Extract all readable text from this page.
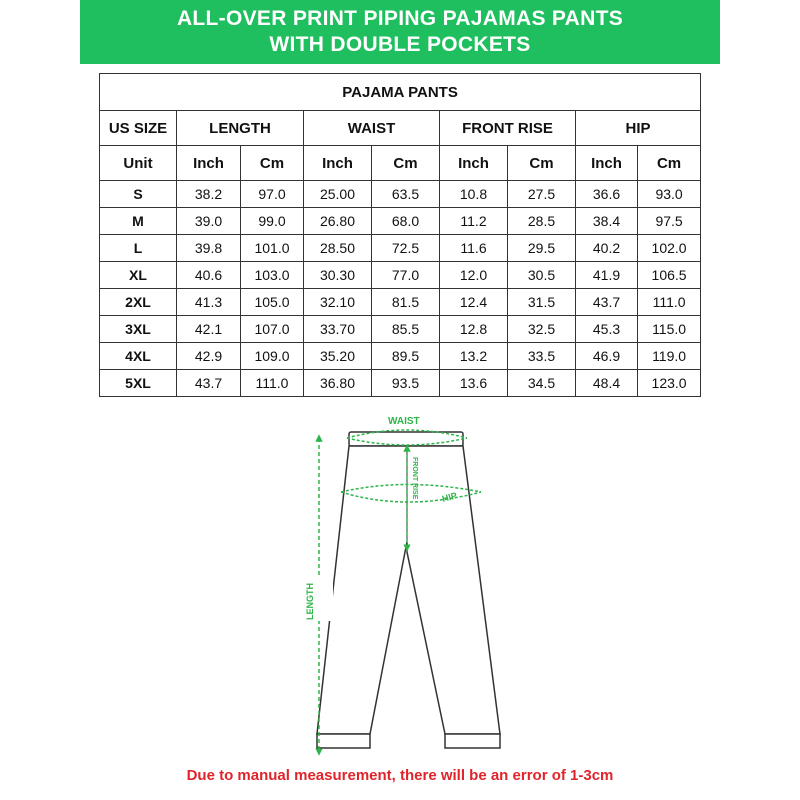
ALL-OVER PRINT PIPING PAJAMAS PANTS
WITH DOUBLE POCKETS
PAJAMA PANTS								
US SIZE	LENGTH		WAIST		FRONT RISE		HIP	
Unit	Inch	Cm	Inch	Cm	Inch	Cm	Inch	Cm
S	38.2	97.0	25.00	63.5	10.8	27.5	36.6	93.0
M	39.0	99.0	26.80	68.0	11.2	28.5	38.4	97.5
L	39.8	101.0	28.50	72.5	11.6	29.5	40.2	102.0
XL	40.6	103.0	30.30	77.0	12.0	30.5	41.9	106.5
2XL	41.3	105.0	32.10	81.5	12.4	31.5	43.7	111.0
3XL	42.1	107.0	33.70	85.5	12.8	32.5	45.3	115.0
4XL	42.9	109.0	35.20	89.5	13.2	33.5	46.9	119.0
5XL	43.7	111.0	36.80	93.5	13.6	34.5	48.4	123.0
WAIST
HIP
FRONT RISE
LENGTH
Due to manual measurement, there will be an error of 1-3cm
